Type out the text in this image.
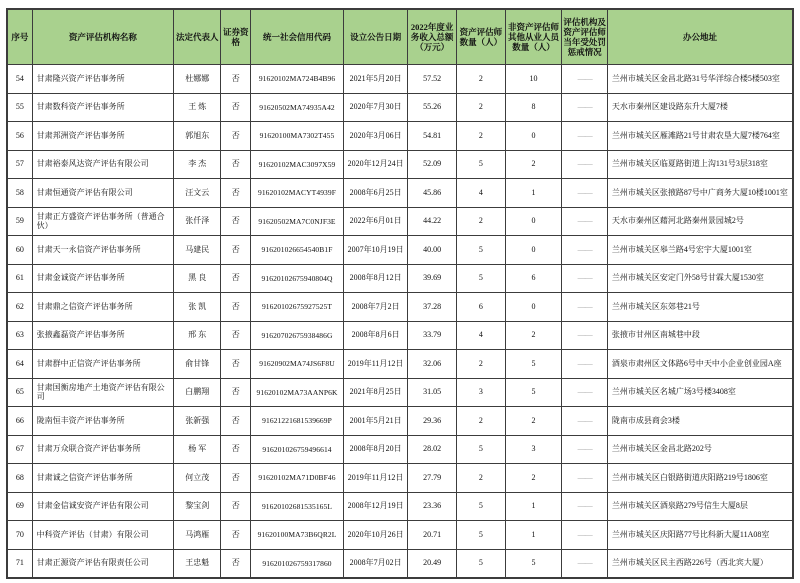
序号	资产评估机构名称	法定代表人	证券资格	统一社会信用代码	设立公告日期	2022年度业务收入总额（万元）	资产评估师数量（人）	非资产评估师其他从业人员数量（人）	评估机构及资产评估师当年受处罚惩戒情况	办公地址
54	甘肃隆兴资产评估事务所	杜娜娜	否	91620102MA724B4B96	2021年5月20日	57.52	2	10	——	兰州市城关区金昌北路31号华洋综合楼5楼503室
55	甘肃数科资产评估事务所	王 炼	否	91620502MA74935A42	2020年7月30日	55.26	2	8	——	天水市秦州区建设路东升大厦7楼
56	甘肃邦洲资产评估事务所	郭旭东	否	91620100MA7302T455	2020年3月06日	54.81	2	0	——	兰州市城关区雁滩路21号甘肃农垦大厦7楼764室
57	甘肃裕泰风达资产评估有限公司	李 杰	否	91620102MAC3097X59	2020年12月24日	52.09	5	2	——	兰州市城关区临夏路街道上沟131号3层318室
58	甘肃恒通资产评估有限公司	汪文云	否	91620102MACYT4939F	2008年6月25日	45.86	4	1	——	兰州市城关区张掖路87号中广商务大厦10楼1001室
59	甘肃正方盛资产评估事务所（普通合伙）	张仟泽	否	91620502MA7C0NJF3E	2022年6月01日	44.22	2	0	——	天水市秦州区藉河北路秦州景园城2号
60	甘肃天一永信资产评估事务所	马建民	否	916201026654540B1F	2007年10月19日	40.00	5	0	——	兰州市城关区皋兰路4号宏宇大厦1001室
61	甘肃金诚资产评估事务所	黑 良	否	91620102675940804Q	2008年8月12日	39.69	5	6	——	兰州市城关区安定门外58号甘霖大厦1530室
62	甘肃鼎之信资产评估事务所	张 凯	否	91620102675927525T	2008年7月2日	37.28	6	0	——	兰州市城关区东郊巷21号
63	张掖鑫磊资产评估事务所	邢 东	否	91620702675938486G	2008年8月6日	33.79	4	2	——	张掖市甘州区南城巷中段
64	甘肃群中正信资产评估事务所	俞甘锋	否	91620902MA74JS6F8U	2019年11月12日	32.06	2	5	——	酒泉市肃州区文体路6号中天中小企业创业园A座
65	甘肃国衡房地产土地资产评估有限公司	白鹏翔	否	91620102MA73AANP6K	2021年8月25日	31.05	3	5	——	兰州市城关区名城广场3号楼3408室
66	陇南恒丰资产评估事务所	张新强	否	91621221681539669P	2001年5月21日	29.36	2	2	——	陇南市成县商会3楼
67	甘肃万众联合资产评估事务所	杨 军	否	916201026759496614	2008年8月20日	28.02	5	3	——	兰州市城关区金昌北路202号
68	甘肃诚之信资产评估事务所	何立茂	否	91620102MA71D0BF46	2019年11月12日	27.79	2	2	——	兰州市城关区白银路街道庆阳路219号1806室
69	甘肃金信诚安资产评估有限公司	黎宝剑	否	91620102681535165L	2008年12月19日	23.36	5	1	——	兰州市城关区酒泉路279号信生大厦8层
70	中科资产评估（甘肃）有限公司	马鸿雁	否	91620100MA73B6QR2L	2020年10月26日	20.71	5	1	——	兰州市城关区庆阳路77号比科新大厦11A08室
71	甘肃正源资产评估有限责任公司	王忠魁	否	916201026759317860	2008年7月02日	20.49	5	5	——	兰州市城关区民主西路226号（西北宾大厦）
